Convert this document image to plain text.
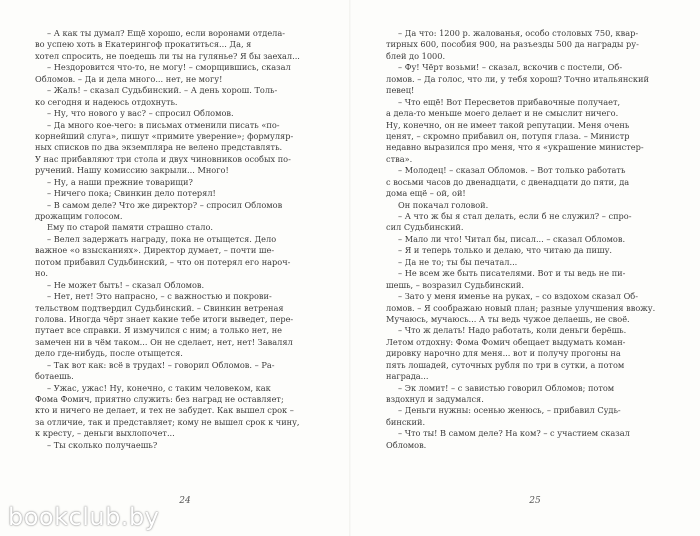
– А как ты думал? Ещё хорошо, если воронами отдела-
во успею хоть в Екатерингоф прокатиться... Да, я
хотел спросить, не поедешь ли ты на гулянье? Я бы заехал...
– Нездоровится что-то, не могу! – сморщившись, сказал
Обломов. – Да и дела много... нет, не могу!
– Жаль! – сказал Судьбинский. – А день хорош. Толь-
ко сегодня и надеюсь отдохнуть.
– Ну, что нового у вас? – спросил Обломов.
– Да много кое-чего: в письмах отменили писать «по-
корнейший слуга», пишут «примите уверение»; формуляр-
ных списков по два экземпляра не велено представлять.
У нас прибавляют три стола и двух чиновников особых по-
ручений. Нашу комиссию закрыли... Много!
– Ну, а наши прежние товарищи?
– Ничего пока; Свинкин дело потерял!
– В самом деле? Что же директор? – спросил Обломов
дрожащим голосом.
Ему по старой памяти страшно стало.
– Велел задержать награду, пока не отыщется. Дело
важное «о взысканиях». Директор думает, – почти ше-
потом прибавил Судьбинский, – что он потерял его нароч-
но.
– Не может быть! – сказал Обломов.
– Нет, нет! Это напрасно, – с важностью и покрови-
тельством подтвердил Судьбинский. – Свинкин ветреная
голова. Иногда чёрт знает какие тебе итоги выведет, пере-
путает все справки. Я измучился с ним; а только нет, не
замечен ни в чём таком... Он не сделает, нет, нет! Завалял
дело где-нибудь, после отыщется.
– Так вот как: всё в трудах! – говорил Обломов. – Ра-
ботаешь.
– Ужас, ужас! Ну, конечно, с таким человеком, как
Фома Фомич, приятно служить: без наград не оставляет;
кто и ничего не делает, и тех не забудет. Как вышел срок –
за отличие, так и представляет; кому не вышел срок к чину,
к кресту, – деньги выхлопочет...
– Ты сколько получаешь?
– Да что: 1200 р. жалованья, особо столовых 750, квар-
тирных 600, пособия 900, на разъезды 500 да награды ру-
блей до 1000.
– Фу! Чёрт возьми! – сказал, вскочив с постели, Об-
ломов. – Да голос, что ли, у тебя хорош? Точно итальянский
певец!
– Что ещё! Вот Пересветов прибавочные получает,
а дела-то меньше моего делает и не смыслит ничего.
Ну, конечно, он не имеет такой репутации. Меня очень
ценят, – скромно прибавил он, потупя глаза. – Министр
недавно выразился про меня, что я «украшение министер-
ства».
– Молодец! – сказал Обломов. – Вот только работать
с восьми часов до двенадцати, с двенадцати до пяти, да
дома ещё – ой, ой!
Он покачал головой.
– А что ж бы я стал делать, если б не служил? – спро-
сил Судьбинский.
– Мало ли что! Читал бы, писал... – сказал Обломов.
– Я и теперь только и делаю, что читаю да пишу.
– Да не то; ты бы печатал...
– Не всем же быть писателями. Вот и ты ведь не пи-
шешь, – возразил Судьбинский.
– Зато у меня именье на руках, – со вздохом сказал Об-
ломов. – Я соображаю новый план; разные улучшения ввожу.
Мучаюсь, мучаюсь... А ты ведь чужое делаешь, не своё.
– Что ж делать! Надо работать, коли деньги берёшь.
Летом отдохну: Фома Фомич обещает выдумать коман-
дировку нарочно для меня... вот и получу прогоны на
пять лошадей, суточных рубля по три в сутки, а потом
награда...
– Эк ломит! – с завистью говорил Обломов; потом
вздохнул и задумался.
– Деньги нужны: осенью женюсь, – прибавил Судь-
бинский.
– Что ты! В самом деле? На ком? – с участием сказал
Обломов.
24	25
bookclub.by
